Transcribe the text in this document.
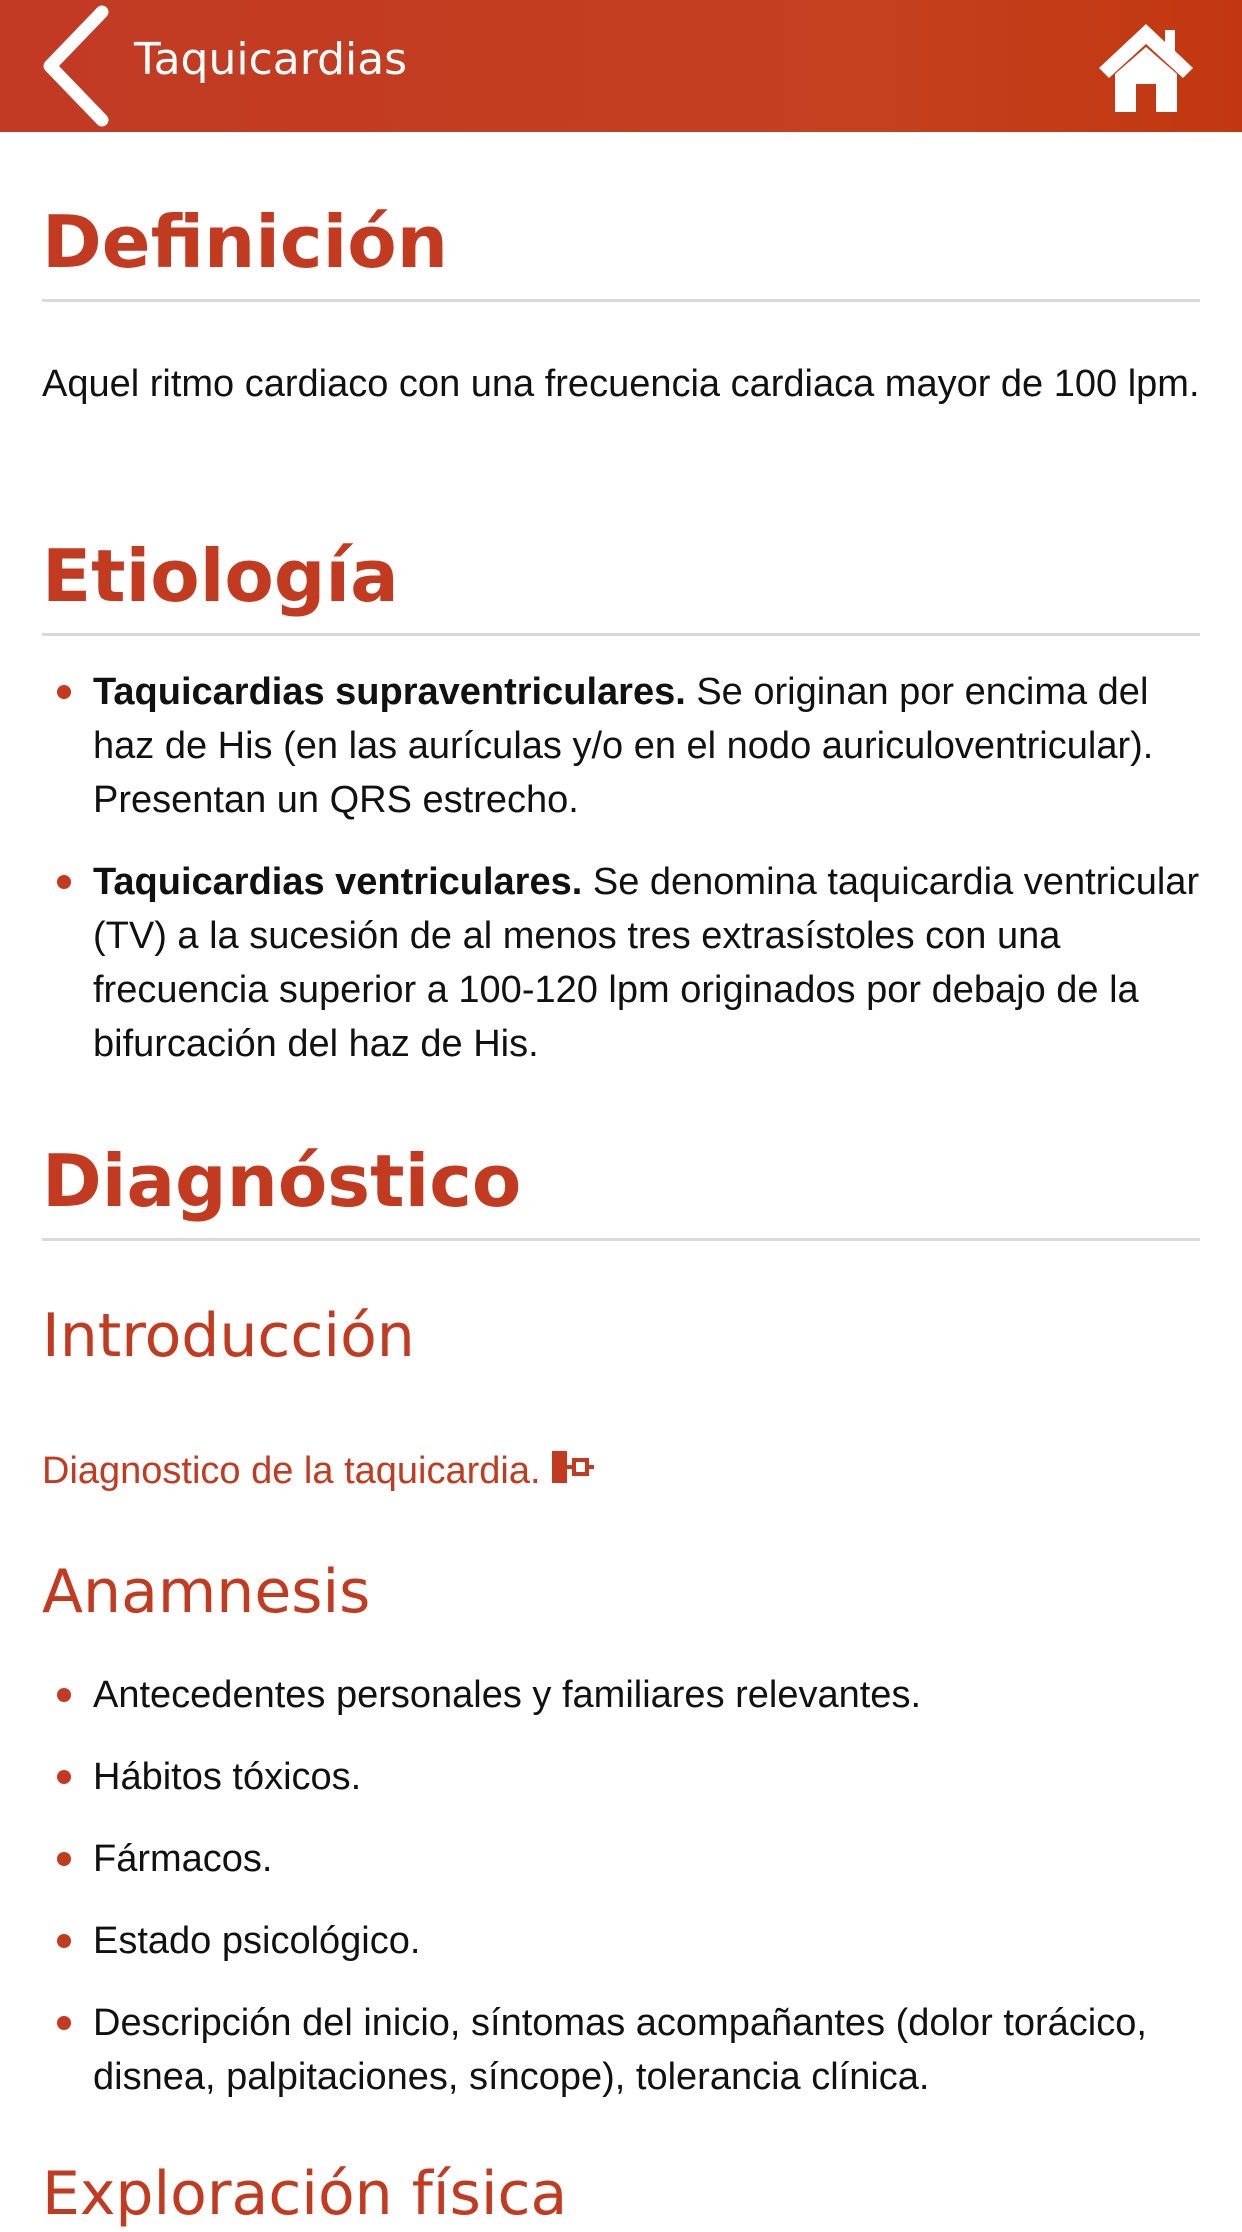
Taquicardias
Definición

Aquel ritmo cardiaco con una frecuencia cardiaca mayor de 100 lpm.

Etiología
Taquicardias supraventriculares. Se originan por encima del haz de His (en las aurículas y/o en el nodo auriculoventricular). Presentan un QRS estrecho.
Taquicardias ventriculares. Se denomina taquicardia ventricular (TV) a la sucesión de al menos tres extrasístoles con una frecuencia superior a 100-120 lpm originados por debajo de la bifurcación del haz de His.
Diagnóstico
Introducción
Diagnostico de la taquicardia.
Anamnesis
Antecedentes personales y familiares relevantes.
Hábitos tóxicos.
Fármacos.
Estado psicológico.
Descripción del inicio, síntomas acompañantes (dolor torácico, disnea, palpitaciones, síncope), tolerancia clínica.
Exploración física
